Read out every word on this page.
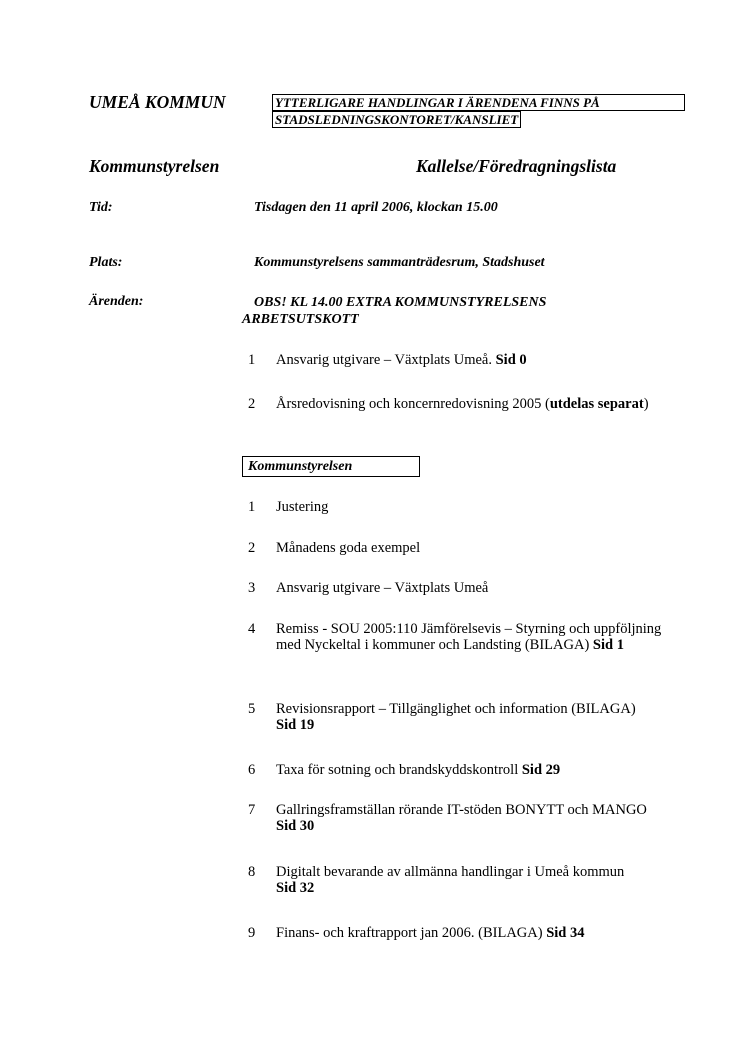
UMEÅ KOMMUN	YTTERLIGARE HANDLINGAR I ÄRENDENA FINNS PÅ
STADSLEDNINGSKONTORET/KANSLIET
Kommunstyrelsen	Kallelse/Föredragningslista
Tid:	Tisdagen den 11 april 2006, klockan 15.00
Plats:	Kommunstyrelsens sammanträdesrum, Stadshuset
Ärenden:	OBS! KL 14.00 EXTRA KOMMUNSTYRELSENS
ARBETSUTSKOTT
1	Ansvarig utgivare – Växtplats Umeå. Sid 0
2	Årsredovisning och koncernredovisning 2005 (utdelas separat)
Kommunstyrelsen
1	Justering
2	Månadens goda exempel
3	Ansvarig utgivare – Växtplats Umeå
4	Remiss - SOU 2005:110 Jämförelsevis – Styrning och uppföljning med Nyckeltal i kommuner och Landsting (BILAGA) Sid 1
5	Revisionsrapport – Tillgänglighet och information (BILAGA) Sid 19
6	Taxa för sotning och brandskyddskontroll Sid 29
7	Gallringsframställan rörande IT-stöden BONYTT och MANGO Sid 30
8	Digitalt bevarande av allmänna handlingar i Umeå kommun Sid 32
9	Finans- och kraftrapport jan 2006. (BILAGA) Sid 34
